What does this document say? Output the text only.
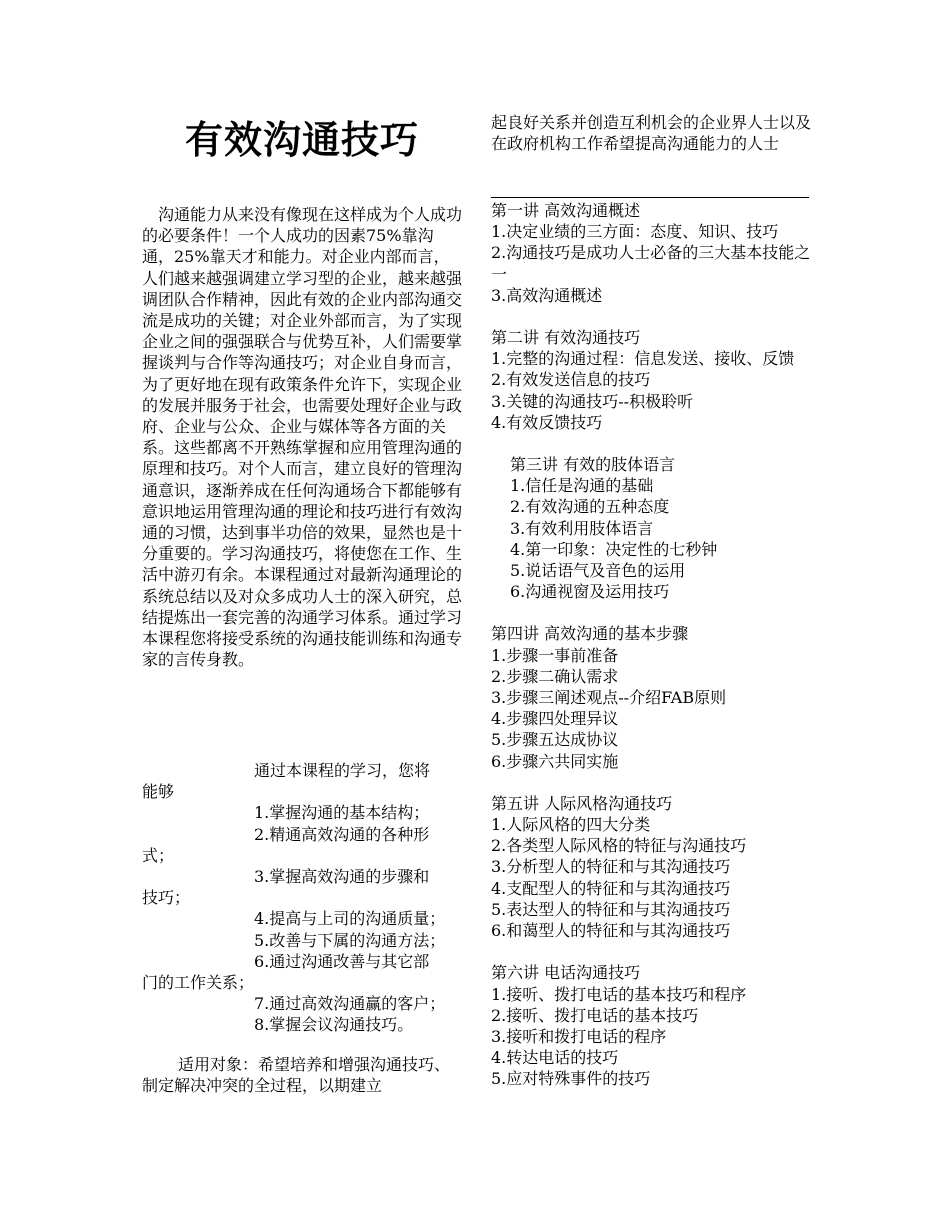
有效沟通技巧

沟通能力从来没有像现在这样成为个人成功的必要条件！一个人成功的因素75%靠沟通，25%靠天才和能力。对企业内部而言，人们越来越强调建立学习型的企业，越来越强调团队合作精神，因此有效的企业内部沟通交流是成功的关键；对企业外部而言，为了实现企业之间的强强联合与优势互补，人们需要掌握谈判与合作等沟通技巧；对企业自身而言，为了更好地在现有政策条件允许下，实现企业的发展并服务于社会，也需要处理好企业与政府、企业与公众、企业与媒体等各方面的关系。这些都离不开熟练掌握和应用管理沟通的原理和技巧。对个人而言，建立良好的管理沟通意识，逐渐养成在任何沟通场合下都能够有意识地运用管理沟通的理论和技巧进行有效沟通的习惯，达到事半功倍的效果，显然也是十分重要的。学习沟通技巧，将使您在工作、生活中游刃有余。本课程通过对最新沟通理论的系统总结以及对众多成功人士的深入研究，总结提炼出一套完善的沟通学习体系。通过学习本课程您将接受系统的沟通技能训练和沟通专家的言传身教。

通过本课程的学习，您将
能够
1.掌握沟通的基本结构；
2.精通高效沟通的各种形
式；
3.掌握高效沟通的步骤和
技巧；
4.提高与上司的沟通质量；
5.改善与下属的沟通方法；
6.通过沟通改善与其它部
门的工作关系；
7.通过高效沟通赢的客户；
8.掌握会议沟通技巧。
适用对象：希望培养和增强沟通技巧、制定解决冲突的全过程，以期建立
起良好关系并创造互利机会的企业界人士以及在政府机构工作希望提高沟通能力的人士
第一讲 高效沟通概述
1.决定业绩的三方面：态度、知识、技巧
2.沟通技巧是成功人士必备的三大基本技能之一
3.高效沟通概述
第二讲 有效沟通技巧
1.完整的沟通过程：信息发送、接收、反馈
2.有效发送信息的技巧
3.关键的沟通技巧--积极聆听
4.有效反馈技巧
第三讲 有效的肢体语言
1.信任是沟通的基础
2.有效沟通的五种态度
3.有效利用肢体语言
4.第一印象：决定性的七秒钟
5.说话语气及音色的运用
6.沟通视窗及运用技巧
第四讲 高效沟通的基本步骤
1.步骤一事前准备
2.步骤二确认需求
3.步骤三阐述观点--介绍FAB原则
4.步骤四处理异议
5.步骤五达成协议
6.步骤六共同实施
第五讲 人际风格沟通技巧
1.人际风格的四大分类
2.各类型人际风格的特征与沟通技巧
3.分析型人的特征和与其沟通技巧
4.支配型人的特征和与其沟通技巧
5.表达型人的特征和与其沟通技巧
6.和蔼型人的特征和与其沟通技巧
第六讲 电话沟通技巧
1.接听、拨打电话的基本技巧和程序
2.接听、拨打电话的基本技巧
3.接听和拨打电话的程序
4.转达电话的技巧
5.应对特殊事件的技巧
